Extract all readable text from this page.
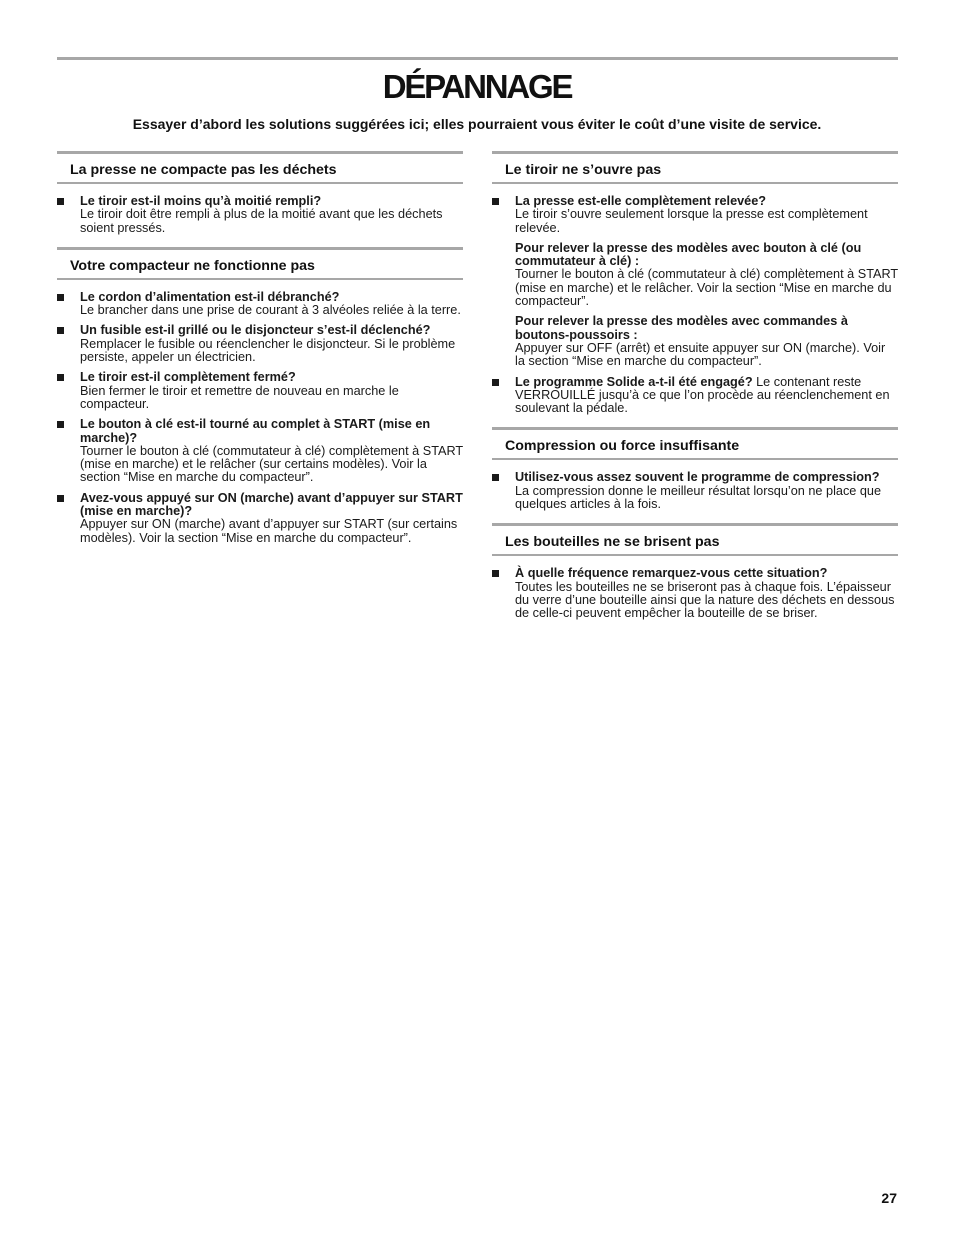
DÉPANNAGE

Essayer d’abord les solutions suggérées ici; elles pourraient vous éviter le coût d’une visite de service.

La presse ne compacte pas les déchets
Le tiroir est-il moins qu’à moitié rempli?
Le tiroir doit être rempli à plus de la moitié avant que les déchets soient pressés.
Votre compacteur ne fonctionne pas
Le cordon d’alimentation est-il débranché?
Le brancher dans une prise de courant à 3 alvéoles reliée à la terre.
Un fusible est-il grillé ou le disjoncteur s’est-il déclenché?
Remplacer le fusible ou réenclencher le disjoncteur. Si le problème persiste, appeler un électricien.
Le tiroir est-il complètement fermé?
Bien fermer le tiroir et remettre de nouveau en marche le compacteur.
Le bouton à clé est-il tourné au complet à START (mise en marche)?
Tourner le bouton à clé (commutateur à clé) complètement à START (mise en marche) et le relâcher (sur certains modèles). Voir la section “Mise en marche du compacteur”.
Avez-vous appuyé sur ON (marche) avant d’appuyer sur START (mise en marche)?
Appuyer sur ON (marche) avant d’appuyer sur START (sur certains modèles). Voir la section “Mise en marche du compacteur”.
Le tiroir ne s’ouvre pas
La presse est-elle complètement relevée?
Le tiroir s’ouvre seulement lorsque la presse est complètement relevée.
Pour relever la presse des modèles avec bouton à clé (ou commutateur à clé) :
Tourner le bouton à clé (commutateur à clé) complètement à START (mise en marche) et le relâcher. Voir la section “Mise en marche du compacteur”.
Pour relever la presse des modèles avec commandes à boutons-poussoirs :
Appuyer sur OFF (arrêt) et ensuite appuyer sur ON (marche). Voir la section “Mise en marche du compacteur”.
Le programme Solide a-t-il été engagé? Le contenant reste VERROUILLÉ jusqu’à ce que l’on procède au réenclenchement en soulevant la pédale.
Compression ou force insuffisante
Utilisez-vous assez souvent le programme de compression?
La compression donne le meilleur résultat lorsqu’on ne place que quelques articles à la fois.
Les bouteilles ne se brisent pas
À quelle fréquence remarquez-vous cette situation?
Toutes les bouteilles ne se briseront pas à chaque fois. L’épaisseur du verre d’une bouteille ainsi que la nature des déchets en dessous de celle-ci peuvent empêcher la bouteille de se briser.
27
